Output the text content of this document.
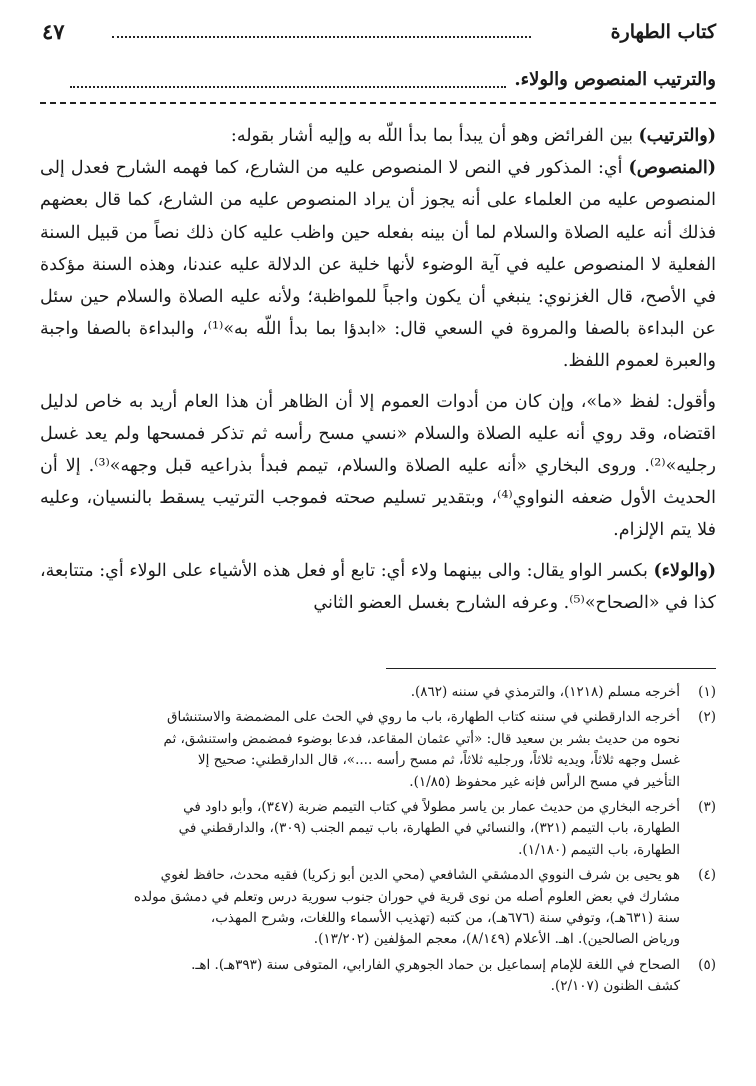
كتاب الطهارة
٤٧
والترتيب المنصوص والولاء.

(والترتيب) بين الفرائض وهو أن يبدأ بما بدأ اللّه به وإليه أشار بقوله:

(المنصوص) أي: المذكور في النص لا المنصوص عليه من الشارع، كما فهمه الشارح فعدل إلى المنصوص عليه من العلماء على أنه يجوز أن يراد المنصوص عليه من الشارع، كما قال بعضهم فذلك أنه عليه الصلاة والسلام لما أن بينه بفعله حين واظب عليه كان ذلك نصاً من قبيل السنة الفعلية لا المنصوص عليه في آية الوضوء لأنها خلية عن الدلالة عليه عندنا، وهذه السنة مؤكدة في الأصح، قال الغزنوي: ينبغي أن يكون واجباً للمواظبة؛ ولأنه عليه الصلاة والسلام حين سئل عن البداءة بالصفا والمروة في السعي قال: «ابدؤا بما بدأ اللّه به»⁽¹⁾، والبداءة بالصفا واجبة والعبرة لعموم اللفظ.

وأقول: لفظ «ما»، وإن كان من أدوات العموم إلا أن الظاهر أن هذا العام أريد به خاص لدليل اقتضاه، وقد روي أنه عليه الصلاة والسلام «نسي مسح رأسه ثم تذكر فمسحها ولم يعد غسل رجليه»⁽²⁾. وروى البخاري «أنه عليه الصلاة والسلام، تيمم فبدأ بذراعيه قبل وجهه»⁽³⁾. إلا أن الحديث الأول ضعفه النواوي⁽⁴⁾، وبتقدير تسليم صحته فموجب الترتيب يسقط بالنسيان، وعليه فلا يتم الإلزام.

(والولاء) بكسر الواو يقال: والى بينهما ولاء أي: تابع أو فعل هذه الأشياء على الولاء أي: متتابعة، كذا في «الصحاح»⁽⁵⁾. وعرفه الشارح بغسل العضو الثاني

(١)
أخرجه مسلم (١٢١٨)، والترمذي في سننه (٨٦٢).
(٢)
أخرجه الدارقطني في سننه كتاب الطهارة، باب ما روي في الحث على المضمضة والاستنشاق
نحوه من حديث بشر بن سعيد قال: «أتي عثمان المقاعد، فدعا بوضوء فمضمض واستنشق، ثم
غسل وجهه ثلاثاً، ويديه ثلاثاً، ورجليه ثلاثاً، ثم مسح رأسه ....»، قال الدارقطني: صحيح إلا
التأخير في مسح الرأس فإنه غير محفوظ (١/٨٥).
(٣)
أخرجه البخاري من حديث عمار بن ياسر مطولاً في كتاب التيمم ضربة (٣٤٧)، وأبو داود في
الطهارة، باب التيمم (٣٢١)، والنسائي في الطهارة، باب تيمم الجنب (٣٠٩)، والدارقطني في
الطهارة، باب التيمم (١/١٨٠).
(٤)
هو يحيى بن شرف النووي الدمشقي الشافعي (محي الدين أبو زكريا) فقيه محدث، حافظ لغوي
مشارك في بعض العلوم أصله من نوى قرية في حوران جنوب سورية درس وتعلم في دمشق مولده
سنة (٦٣١هـ)، وتوفي سنة (٦٧٦هـ)، من كتبه (تهذيب الأسماء واللغات، وشرح المهذب،
ورياض الصالحين). اهـ. الأعلام (٨/١٤٩)، معجم المؤلفين (١٣/٢٠٢).
(٥)
الصحاح في اللغة للإمام إسماعيل بن حماد الجوهري الفارابي، المتوفى سنة (٣٩٣هـ). اهـ.
كشف الظنون (٢/١٠٧).
